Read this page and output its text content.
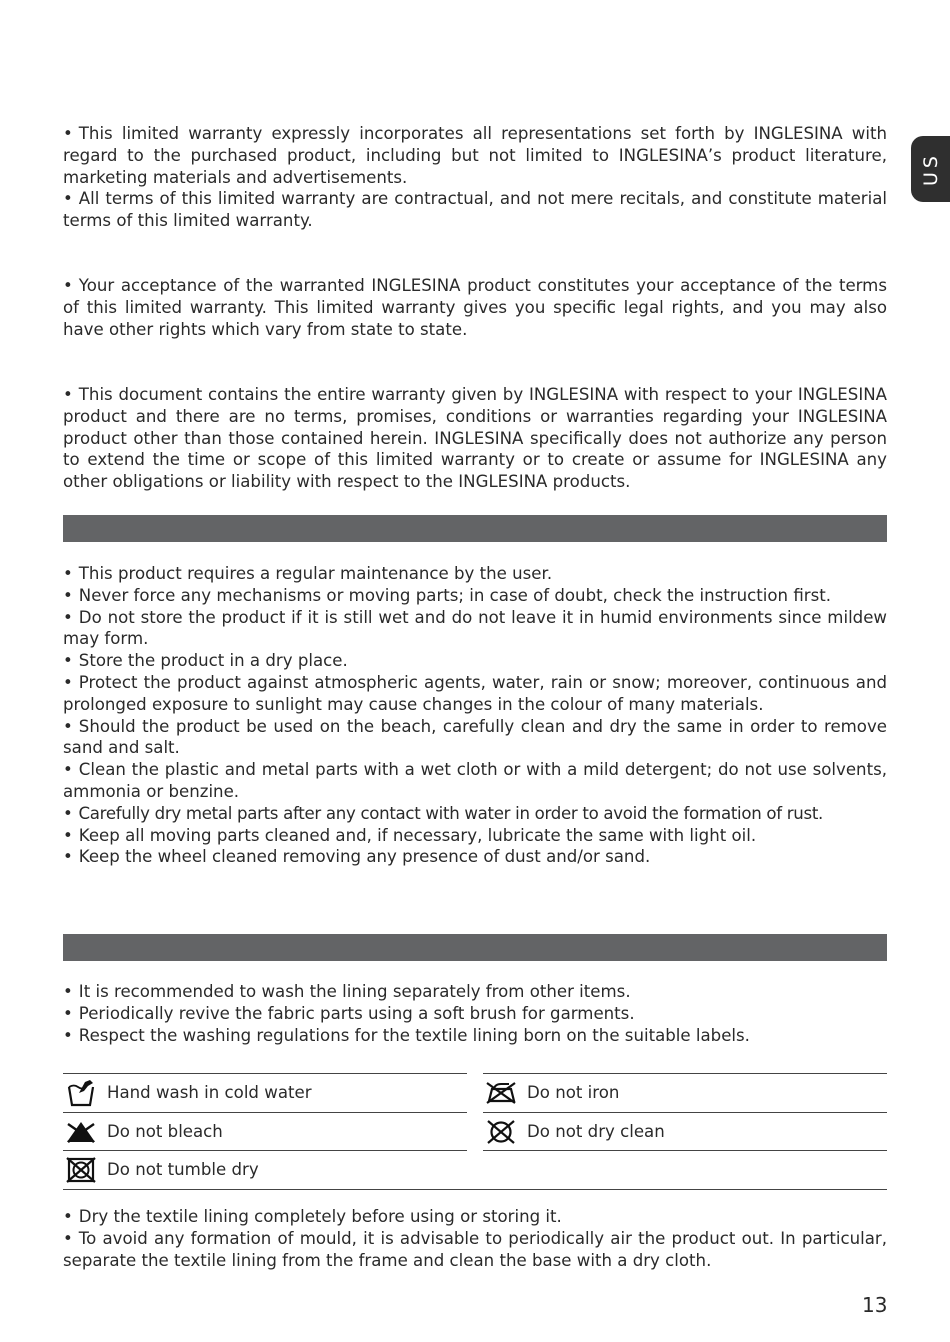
US

• This limited warranty expressly incorporates all representations set forth by INGLESINA with regard to the purchased product, including but not limited to INGLESINA’s product literature, marketing materials and advertisements.

• All terms of this limited warranty are contractual, and not mere recitals, and constitute material terms of this limited warranty.

• Your acceptance of the warranted INGLESINA product constitutes your acceptance of the terms of this limited warranty. This limited warranty gives you specific legal rights, and you may also have other rights which vary from state to state.

• This document contains the entire warranty given by INGLESINA with respect to your INGLESINA product and there are no terms, promises, conditions or warranties regarding your INGLESINA product other than those contained herein. INGLESINA specifically does not authorize any person to extend the time or scope of this limited warranty or to create or assume for INGLESINA any other obligations or liability with respect to the INGLESINA products.

• This product requires a regular maintenance by the user.

• Never force any mechanisms or moving parts; in case of doubt, check the instruction first.

• Do not store the product if it is still wet and do not leave it in humid environments since mildew may form.

• Store the product in a dry place.

• Protect the product against atmospheric agents, water, rain or snow; moreover, continuous and prolonged exposure to sunlight may cause changes in the colour of many materials.

• Should the product be used on the beach, carefully clean and dry the same in order to remove sand and salt.

• Clean the plastic and metal parts with a wet cloth or with a mild detergent; do not use solvents, ammonia or benzine.

• Carefully dry metal parts after any contact with water in order to avoid the formation of rust.

• Keep all moving parts cleaned and, if necessary, lubricate the same with light oil.

• Keep the wheel cleaned removing any presence of dust and/or sand.

• It is recommended to wash the lining separately from other items.

• Periodically revive the fabric parts using a soft brush for garments.

• Respect the washing regulations for the textile lining born on the suitable labels.

Hand wash in cold water	Do not iron
Do not bleach	Do not dry clean
Do not tumble dry

• Dry the textile lining completely before using or storing it.

• To avoid any formation of mould, it is advisable to periodically air the product out. In particular, separate the textile lining from the frame and clean the base with a dry cloth.

13
